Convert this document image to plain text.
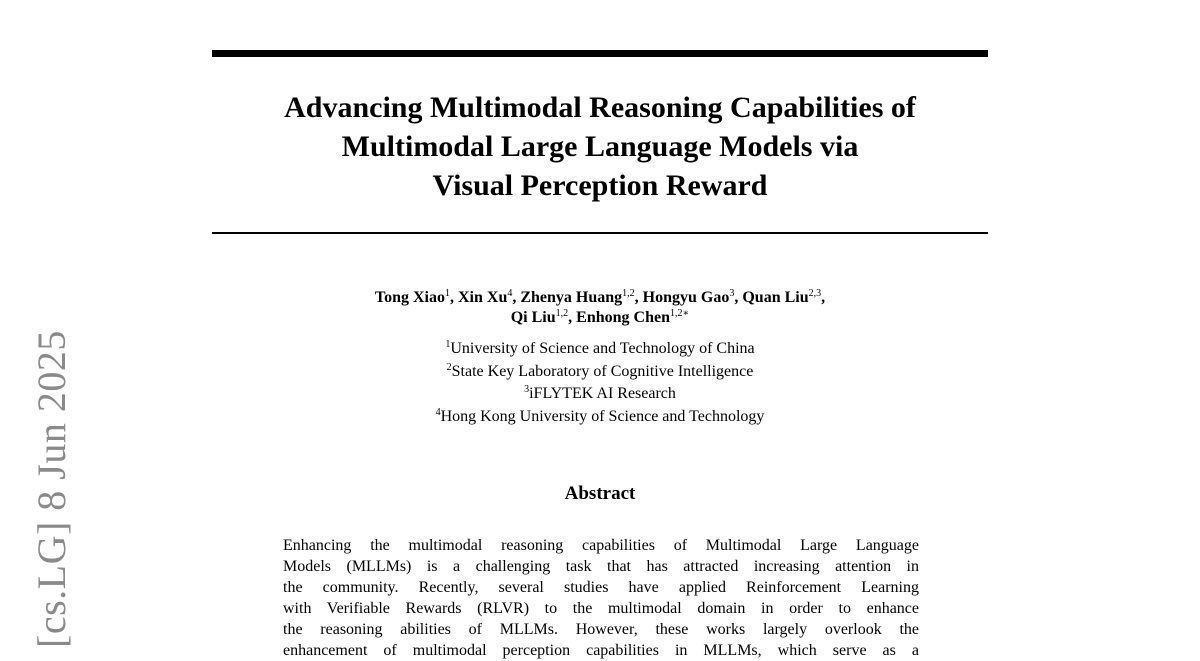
[cs.LG] 8 Jun 2025
Advancing Multimodal Reasoning Capabilities of
Multimodal Large Language Models via
Visual Perception Reward
Tong Xiao$^1$, Xin Xu$^4$, Zhenya Huang$^{1,2}$, Hongyu Gao$^3$, Quan Liu$^{2,3}$,
Qi Liu$^{1,2}$, Enhong Chen$^{1,2∗}$
$^1$University of Science and Technology of China
$^2$State Key Laboratory of Cognitive Intelligence
$^3$iFLYTEK AI Research
$^4$Hong Kong University of Science and Technology
Abstract
Enhancing the multimodal reasoning capabilities of Multimodal Large Language
Models (MLLMs) is a challenging task that has attracted increasing attention in
the community. Recently, several studies have applied Reinforcement Learning
with Verifiable Rewards (RLVR) to the multimodal domain in order to enhance
the reasoning abilities of MLLMs. However, these works largely overlook the
enhancement of multimodal perception capabilities in MLLMs, which serve as a
